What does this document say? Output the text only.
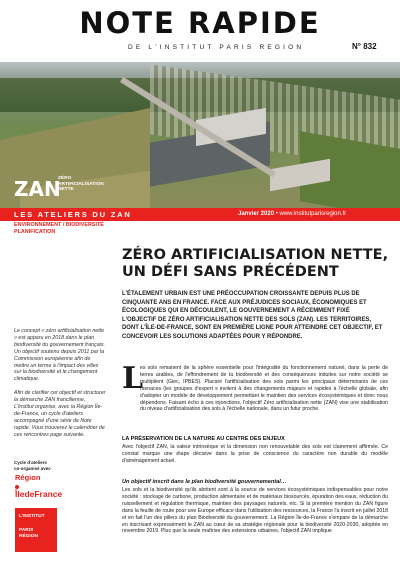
NOTE RAPIDE
DE L'INSTITUT PARIS REGION	N° 832
ZAN
ZÉRO ARTIFICIALISATION NETTE
LES ATELIERS DU ZAN	Janvier 2020 • www.institutparisregion.fr
ENVIRONNEMENT / BIODIVERSITÉ
PLANIFICATION
ZÉRO ARTIFICIALISATION NETTE,
UN DÉFI SANS PRÉCÉDENT
L'ÉTALEMENT URBAIN EST UNE PRÉOCCUPATION CROISSANTE DEPUIS PLUS DE CINQUANTE ANS EN FRANCE. FACE AUX PRÉJUDICES SOCIAUX, ÉCONOMIQUES ET ÉCOLOGIQUES QUI EN DÉCOULENT, LE GOUVERNEMENT A RÉCEMMENT FIXÉ L'OBJECTIF DE ZÉRO ARTIFICIALISATION NETTE DES SOLS (ZAN). LES TERRITOIRES, DONT L'ÎLE-DE-FRANCE, SONT EN PREMIÈRE LIGNE POUR ATTEINDRE CET OBJECTIF, ET CONCEVOIR LES SOLUTIONS ADAPTÉES POUR Y RÉPONDRE.

Le concept « zéro artificialisation nette » est apparu en 2018 dans le plan biodiversité du gouvernement français. Un objectif soutenu depuis 2011 par la Commission européenne afin de mettre un terme à l'impact des villes sur la biodiversité et le changement climatique.

Afin de clarifier cet objectif et structurer la démarche ZAN francilienne, L'Institut organise, avec la Région Île-de-France, un cycle d'ateliers accompagné d'une série de Note rapide. Vous trouverez le calendrier de ces rencontres page suivante.

Cycle d'ateliers
co-organisé avec
Région
ÎledeFrance
L'INSTITUT
PARIS
RÉGION
L
es sols remanent de la sphère essentielle pour l'intégralité du fonctionnement naturel, dans la perte de terres arables, de l'effondrement de la biodiversité et des conséquences induites sur notre société se multiplient (Giec, IPBES). Placant l'artificialisation des sols parmi les principaux déterminants de ces menaces (les groupes d'expert s invitent à des changements majeurs et rapides à l'échelle globale, afin d'adopter un modèle de développement permettant le maintien des services écosystémiques et donc nous dépendons. Faisant écho à ces injonctions, l'objectif Zéro artificialisation nette (ZAN) vise une stabilisation du niveau d'artificialisation des sols à l'échelle nationale, dans un futur proche.
LA PRÉSERVATION DE LA NATURE AU CENTRE DES ENJEUX
Avec l'objectif ZAN, la valeur intrinsèque et la dimension non renouvelable des sols est clairement affirmée. Ce constat marque une étape décisive dans la prise de conscience du caractère non durable du modèle d'aménagement actuel.
Un objectif inscrit dans le plan biodiversité gouvernemental…
Les sols et la biodiversité qu'ils abritent sont à la source de services écosystémiques indispensables pour notre société : stockage de carbone, production alimentaire et de matériaux biosourcés, épuration des eaux, réduction du ruissellement et régulation thermique, maintien des paysages naturels, etc. Si la première mention du ZAN figure dans la feuille de route pour une Europe efficace dans l'utilisation des ressources, la France l'a inscrit en juillet 2018 et en fait l'un des piliers du plan Biodiversité du gouvernement. La Région Île-de-France s'empare de la démarche en inscrivant expressément le ZAN au cœur de sa stratégie régionale pour la biodiversité 2020-2030, adoptée en novembre 2019. Plus que la seule maîtrise des extensions urbaines, l'objectif ZAN implique
